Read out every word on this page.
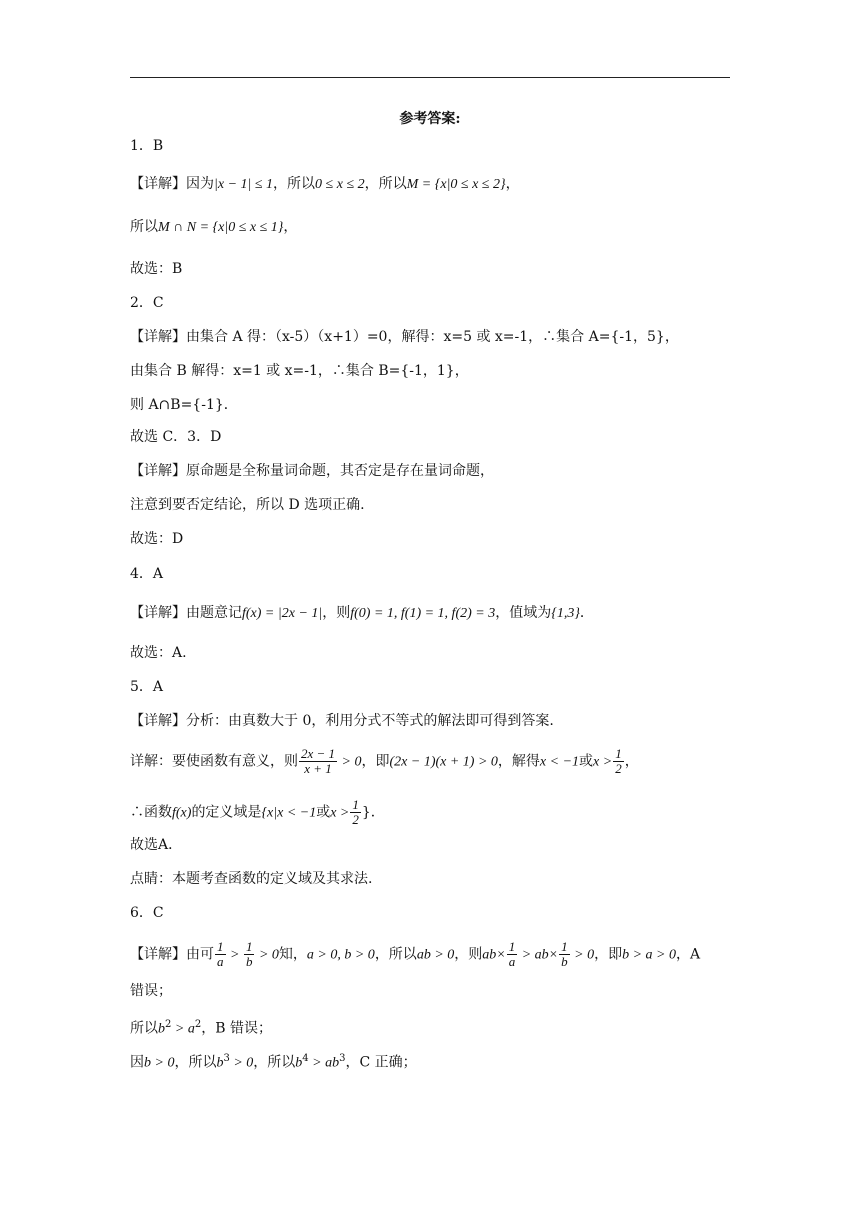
参考答案:
1．B
【详解】因为|x − 1| ≤ 1，所以0 ≤ x ≤ 2，所以M = {x|0 ≤ x ≤ 2}，
所以M ∩ N = {x|0 ≤ x ≤ 1}，
故选：B
2．C
【详解】由集合 A 得：（x-5）（x+1）=0，解得：x=5 或 x=-1，∴集合 A={-1，5}，
由集合 B 解得：x=1 或 x=-1，∴集合 B={-1，1}，
则 A∩B={-1}．
故选 C．3．D
【详解】原命题是全称量词命题，其否定是存在量词命题，
注意到要否定结论，所以 D 选项正确.
故选：D
4．A
【详解】由题意记f(x) = |2x − 1|，则f(0) = 1, f(1) = 1, f(2) = 3，值域为{1,3}．
故选：A.
5．A
【详解】分析：由真数大于 0，利用分式不等式的解法即可得到答案.
详解：要使函数有意义，则 $\frac{2x - 1}{x + 1} > 0$，即(2x − 1)(x + 1) > 0，解得x < −1或$x > \frac{1}{2}$ ，
∴函数f(x)的定义域是{x|x < −1或$x > \frac{1}{2}$ }．
故选A．
点睛：本题考查函数的定义域及其求法.
6．C
【详解】由可 $\frac{1}{a} > \frac{1}{b} > 0$知，a > 0, b > 0，所以ab > 0，则$ab\times \frac{1}{a} > ab\times \frac{1}{b} > 0$，即b > a > 0，A
错误；
所以$b^2 > a^2$，B 错误；
因b > 0，所以$b^3 > 0$，所以$b^4 > ab^3$，C 正确；
